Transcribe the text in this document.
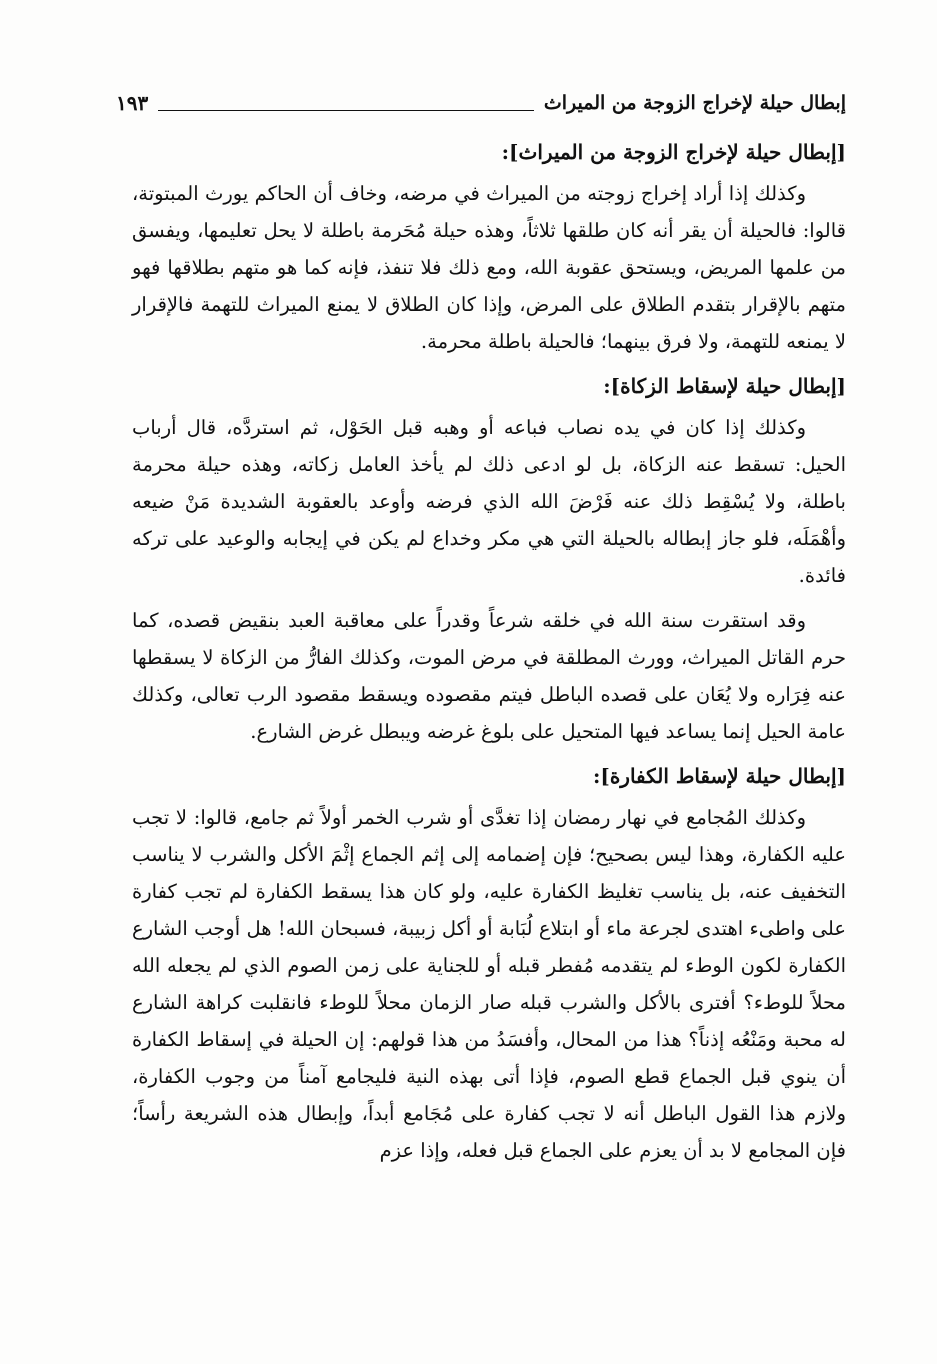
إبطال حيلة لإخراج الزوجة من الميراث
١٩٣
[إبطال حيلة لإخراج الزوجة من الميراث]:

وكذلك إذا أراد إخراج زوجته من الميراث في مرضه، وخاف أن الحاكم يورث المبتوتة، قالوا: فالحيلة أن يقر أنه كان طلقها ثلاثاً، وهذه حيلة مُحَرمة باطلة لا يحل تعليمها، ويفسق من علمها المريض، ويستحق عقوبة الله، ومع ذلك فلا تنفذ، فإنه كما هو متهم بطلاقها فهو متهم بالإقرار بتقدم الطلاق على المرض، وإذا كان الطلاق لا يمنع الميراث للتهمة فالإقرار لا يمنعه للتهمة، ولا فرق بينهما؛ فالحيلة باطلة محرمة.

[إبطال حيلة لإسقاط الزكاة]:

وكذلك إذا كان في يده نصاب فباعه أو وهبه قبل الحَوْل، ثم استردَّه، قال أرباب الحيل: تسقط عنه الزكاة، بل لو ادعى ذلك لم يأخذ العامل زكاته، وهذه حيلة محرمة باطلة، ولا يُسْقِط ذلك عنه فَرْضَ الله الذي فرضه وأوعد بالعقوبة الشديدة مَنْ ضيعه وأهْمَلَه، فلو جاز إبطاله بالحيلة التي هي مكر وخداع لم يكن في إيجابه والوعيد على تركه فائدة.

وقد استقرت سنة الله في خلقه شرعاً وقدراً على معاقبة العبد بنقيض قصده، كما حرم القاتل الميراث، وورث المطلقة في مرض الموت، وكذلك الفارُّ من الزكاة لا يسقطها عنه فِرَاره ولا يُعَان على قصده الباطل فيتم مقصوده ويسقط مقصود الرب تعالى، وكذلك عامة الحيل إنما يساعد فيها المتحيل على بلوغ غرضه ويبطل غرض الشارع.

[إبطال حيلة لإسقاط الكفارة]:

وكذلك المُجامع في نهار رمضان إذا تغدَّى أو شرب الخمر أولاً ثم جامع، قالوا: لا تجب عليه الكفارة، وهذا ليس بصحيح؛ فإن إضمامه إلى إثم الجماع إثْمَ الأكل والشرب لا يناسب التخفيف عنه، بل يناسب تغليظ الكفارة عليه، ولو كان هذا يسقط الكفارة لم تجب كفارة على واطىء اهتدى لجرعة ماء أو ابتلاع لُبَابة أو أكل زبيبة، فسبحان الله! هل أوجب الشارع الكفارة لكون الوطء لم يتقدمه مُفطر قبله أو للجناية على زمن الصوم الذي لم يجعله الله محلاً للوطء؟ أفترى بالأكل والشرب قبله صار الزمان محلاً للوطء فانقلبت كراهة الشارع له محبة ومَنْعُه إذناً؟ هذا من المحال، وأفسَدُ من هذا قولهم: إن الحيلة في إسقاط الكفارة أن ينوي قبل الجماع قطع الصوم، فإذا أتى بهذه النية فليجامع آمناً من وجوب الكفارة، ولازم هذا القول الباطل أنه لا تجب كفارة على مُجَامع أبداً، وإبطال هذه الشريعة رأساً؛ فإن المجامع لا بد أن يعزم على الجماع قبل فعله، وإذا عزم
